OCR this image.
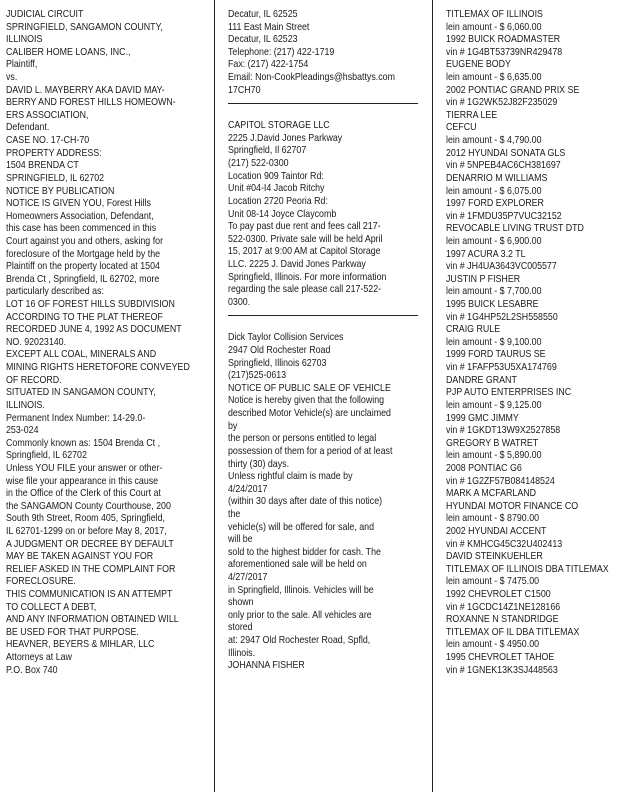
JUDICIAL CIRCUIT
SPRINGFIELD, SANGAMON COUNTY,
ILLINOIS
CALIBER HOME LOANS, INC.,
Plaintiff,
vs.
DAVID L. MAYBERRY AKA DAVID MAY-
BERRY AND FOREST HILLS HOMEOWN-
ERS ASSOCIATION,
Defendant.
CASE NO. 17-CH-70
PROPERTY ADDRESS:
1504 BRENDA CT
SPRINGFIELD, IL 62702
NOTICE BY PUBLICATION
NOTICE IS GIVEN YOU, Forest Hills
Homeowners Association, Defendant,
this case has been commenced in this
Court against you and others, asking for
foreclosure of the Mortgage held by the
Plaintiff on the property located at 1504
Brenda Ct , Springfield, IL 62702, more
particularly described as:
LOT 16 OF FOREST HILLS SUBDIVISION
ACCORDING TO THE PLAT THEREOF
RECORDED JUNE 4, 1992 AS DOCUMENT
NO. 92023140.
EXCEPT ALL COAL, MINERALS AND
MINING RIGHTS HERETOFORE CONVEYED
OF RECORD.
SITUATED IN SANGAMON COUNTY,
ILLINOIS.
Permanent Index Number: 14-29.0-
253-024
Commonly known as: 1504 Brenda Ct ,
Springfield, IL 62702
Unless YOU FILE your answer or other-
wise file your appearance in this cause
in the Office of the Clerk of this Court at
the SANGAMON County Courthouse, 200
South 9th Street, Room 405, Springfield,
IL 62701-1299 on or before May 8, 2017,
A JUDGMENT OR DECREE BY DEFAULT
MAY BE TAKEN AGAINST YOU FOR
RELIEF ASKED IN THE COMPLAINT FOR
FORECLOSURE.
THIS COMMUNICATION IS AN ATTEMPT
TO COLLECT A DEBT,
AND ANY INFORMATION OBTAINED WILL
BE USED FOR THAT PURPOSE.
HEAVNER, BEYERS & MIHLAR, LLC
Attorneys at Law
P.O. Box 740
Decatur, IL 62525
111 East Main Street
Decatur, IL 62523
Telephone: (217) 422-1719
Fax: (217) 422-1754
Email: Non-CookPleadings@hsbattys.com
17CH70
CAPITOL STORAGE LLC
2225 J.David Jones Parkway
Springfield, Il 62707
(217) 522-0300
Location 909 Taintor Rd:
Unit #04-I4 Jacob Ritchy
Location 2720 Peoria Rd:
Unit 08-14 Joyce Claycomb
To pay past due rent and fees call 217-
522-0300. Private sale will be held April
15, 2017 at 9:00 AM at Capitol Storage
LLC. 2225 J. David Jones Parkway
Springfield, Illinois. For more information
regarding the sale please call 217-522-
0300.
Dick Taylor Collision Services
2947 Old Rochester Road
Springfield, Illinois 62703
(217)525-0613
NOTICE OF PUBLIC SALE OF VEHICLE
Notice is hereby given that the following
described Motor Vehicle(s) are unclaimed
by
the person or persons entitled to legal
possession of them for a period of at least
thirty (30) days.
Unless rightful claim is made by
4/24/2017
(within 30 days after date of this notice)
the
vehicle(s) will be offered for sale, and
will be
sold to the highest bidder for cash. The
aforementioned sale will be held on
4/27/2017
in Springfield, Illinois. Vehicles will be
shown
only prior to the sale. All vehicles are
stored
at: 2947 Old Rochester Road, Spfld,
Illinois.
JOHANNA FISHER
TITLEMAX OF ILLINOIS
lein amount - $ 6,060.00
1992 BUICK ROADMASTER
vin # 1G4BT53739NR429478
EUGENE BODY
lein amount - $ 6,635.00
2002 PONTIAC GRAND PRIX SE
vin # 1G2WK52J82F235029
TIERRA LEE
CEFCU
lein amount - $ 4,790.00
2012 HYUNDAI SONATA GLS
vin # 5NPEB4AC6CH381697
DENARRIO M WILLIAMS
lein amount - $ 6,075.00
1997 FORD EXPLORER
vin # 1FMDU35P7VUC32152
REVOCABLE LIVING TRUST DTD
lein amount - $ 6,900.00
1997 ACURA 3.2 TL
vin # JH4UA3643VC005577
JUSTIN P FISHER
lein amount - $ 7,700.00
1995 BUICK LESABRE
vin # 1G4HP52L2SH558550
CRAIG RULE
lein amount - $ 9,100.00
1999 FORD TAURUS SE
vin # 1FAFP53U5XA174769
DANDRE GRANT
PJP AUTO ENTERPRISES INC
lein amount - $ 9,125.00
1999 GMC JIMMY
vin # 1GKDT13W9X2527858
GREGORY B WATRET
lein amount - $ 5,890.00
2008 PONTIAC G6
vin # 1G2ZF57B084148524
MARK A MCFARLAND
HYUNDAI MOTOR FINANCE CO
lein amount - $ 8790.00
2002 HYUNDAI ACCENT
vin # KMHCG45C32U402413
DAVID STEINKUEHLER
TITLEMAX OF ILLINOIS DBA TITLEMAX
lein amount - $ 7475.00
1992 CHEVROLET C1500
vin # 1GCDC14Z1NE128166
ROXANNE N STANDRIDGE
TITLEMAX OF IL DBA TITLEMAX
lein amount - $ 4950.00
1995 CHEVROLET TAHOE
vin # 1GNEK13K3SJ448563
